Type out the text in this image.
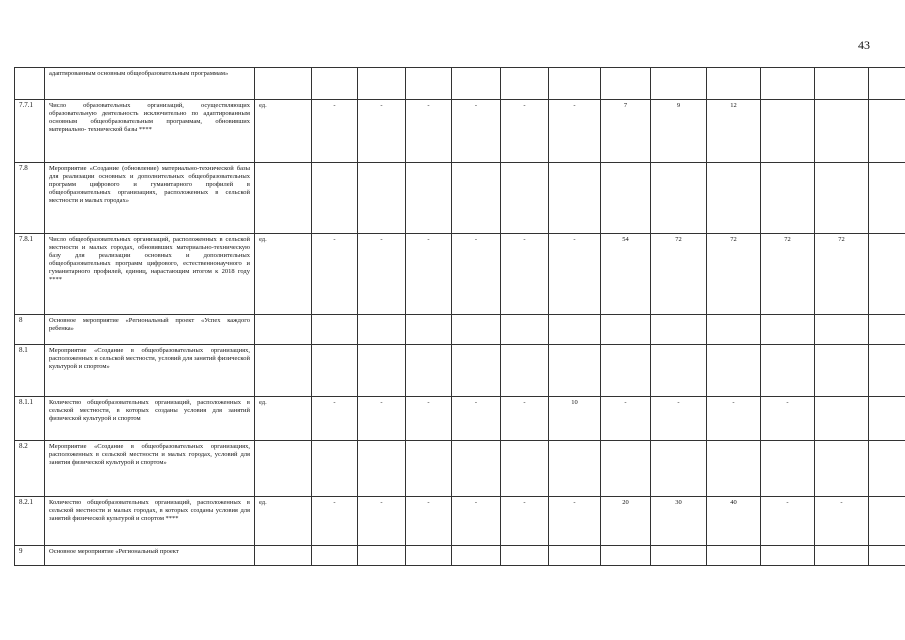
43
	адаптированным основным общеобразовательным программам»													
7.7.1	Число образовательных организаций, осуществляющих образовательную деятельность исключительно по адаптированным основным общеобразовательным программам, обновивших материально- технической базы ****	ед.	-	-	-	-	-	-	7	9	12			
7.8	Мероприятие «Создание (обновление) материально-технической базы для реализации основных и дополнительных общеобразовательных программ цифрового и гуманитарного профилей в общеобразовательных организациях, расположенных в сельской местности и малых городах»													
7.8.1	Число общеобразовательных организаций, расположенных в сельской местности и малых городах, обновивших материально-техническую базу для реализации основных и дополнительных общеобразовательных программ цифрового, естественнонаучного и гуманитарного профилей, единиц, нарастающим итогом к 2018 году ****	ед.	-	-	-	-	-	-	54	72	72	72	72	
8	Основное мероприятие «Региональный проект «Успех каждого ребенка»													
8.1	Мероприятие «Создание в общеобразовательных организациях, расположенных в сельской местности, условий для занятий физической культурой и спортом»													
8.1.1	Количество общеобразовательных организаций, расположенных в сельской местности, в которых созданы условия для занятий физической культурой и спортом	ед.	-	-	-	-	-	10	-	-	-	-		
8.2	Мероприятие «Создание в общеобразовательных организациях, расположенных в сельской местности и малых городах, условий для занятия физической культурой и спортом»													
8.2.1	Количество общеобразовательных организаций, расположенных в сельской местности и малых городах, в которых созданы условия для занятий физической культурой и спортом ****	ед.	-	-	-	-	-	-	20	30	40	-	-	
9	Основное мероприятие «Региональный проект													
